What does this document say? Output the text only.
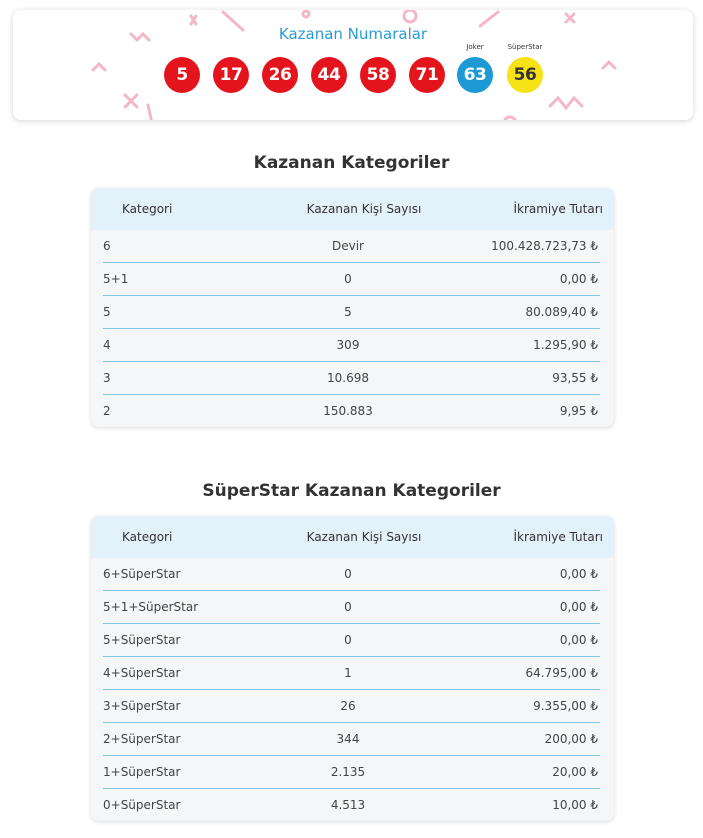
Kazanan Numaralar
5	17	26	44	58	71
Joker
63
SüperStar
56
Kazanan Kategoriler
Kategori	Kazanan Kişi Sayısı	İkramiye Tutarı
6	Devir	100.428.723,73 ₺
5+1	0	0,00 ₺
5	5	80.089,40 ₺
4	309	1.295,90 ₺
3	10.698	93,55 ₺
2	150.883	9,95 ₺
SüperStar Kazanan Kategoriler
Kategori	Kazanan Kişi Sayısı	İkramiye Tutarı
6+SüperStar	0	0,00 ₺
5+1+SüperStar	0	0,00 ₺
5+SüperStar	0	0,00 ₺
4+SüperStar	1	64.795,00 ₺
3+SüperStar	26	9.355,00 ₺
2+SüperStar	344	200,00 ₺
1+SüperStar	2.135	20,00 ₺
0+SüperStar	4.513	10,00 ₺
